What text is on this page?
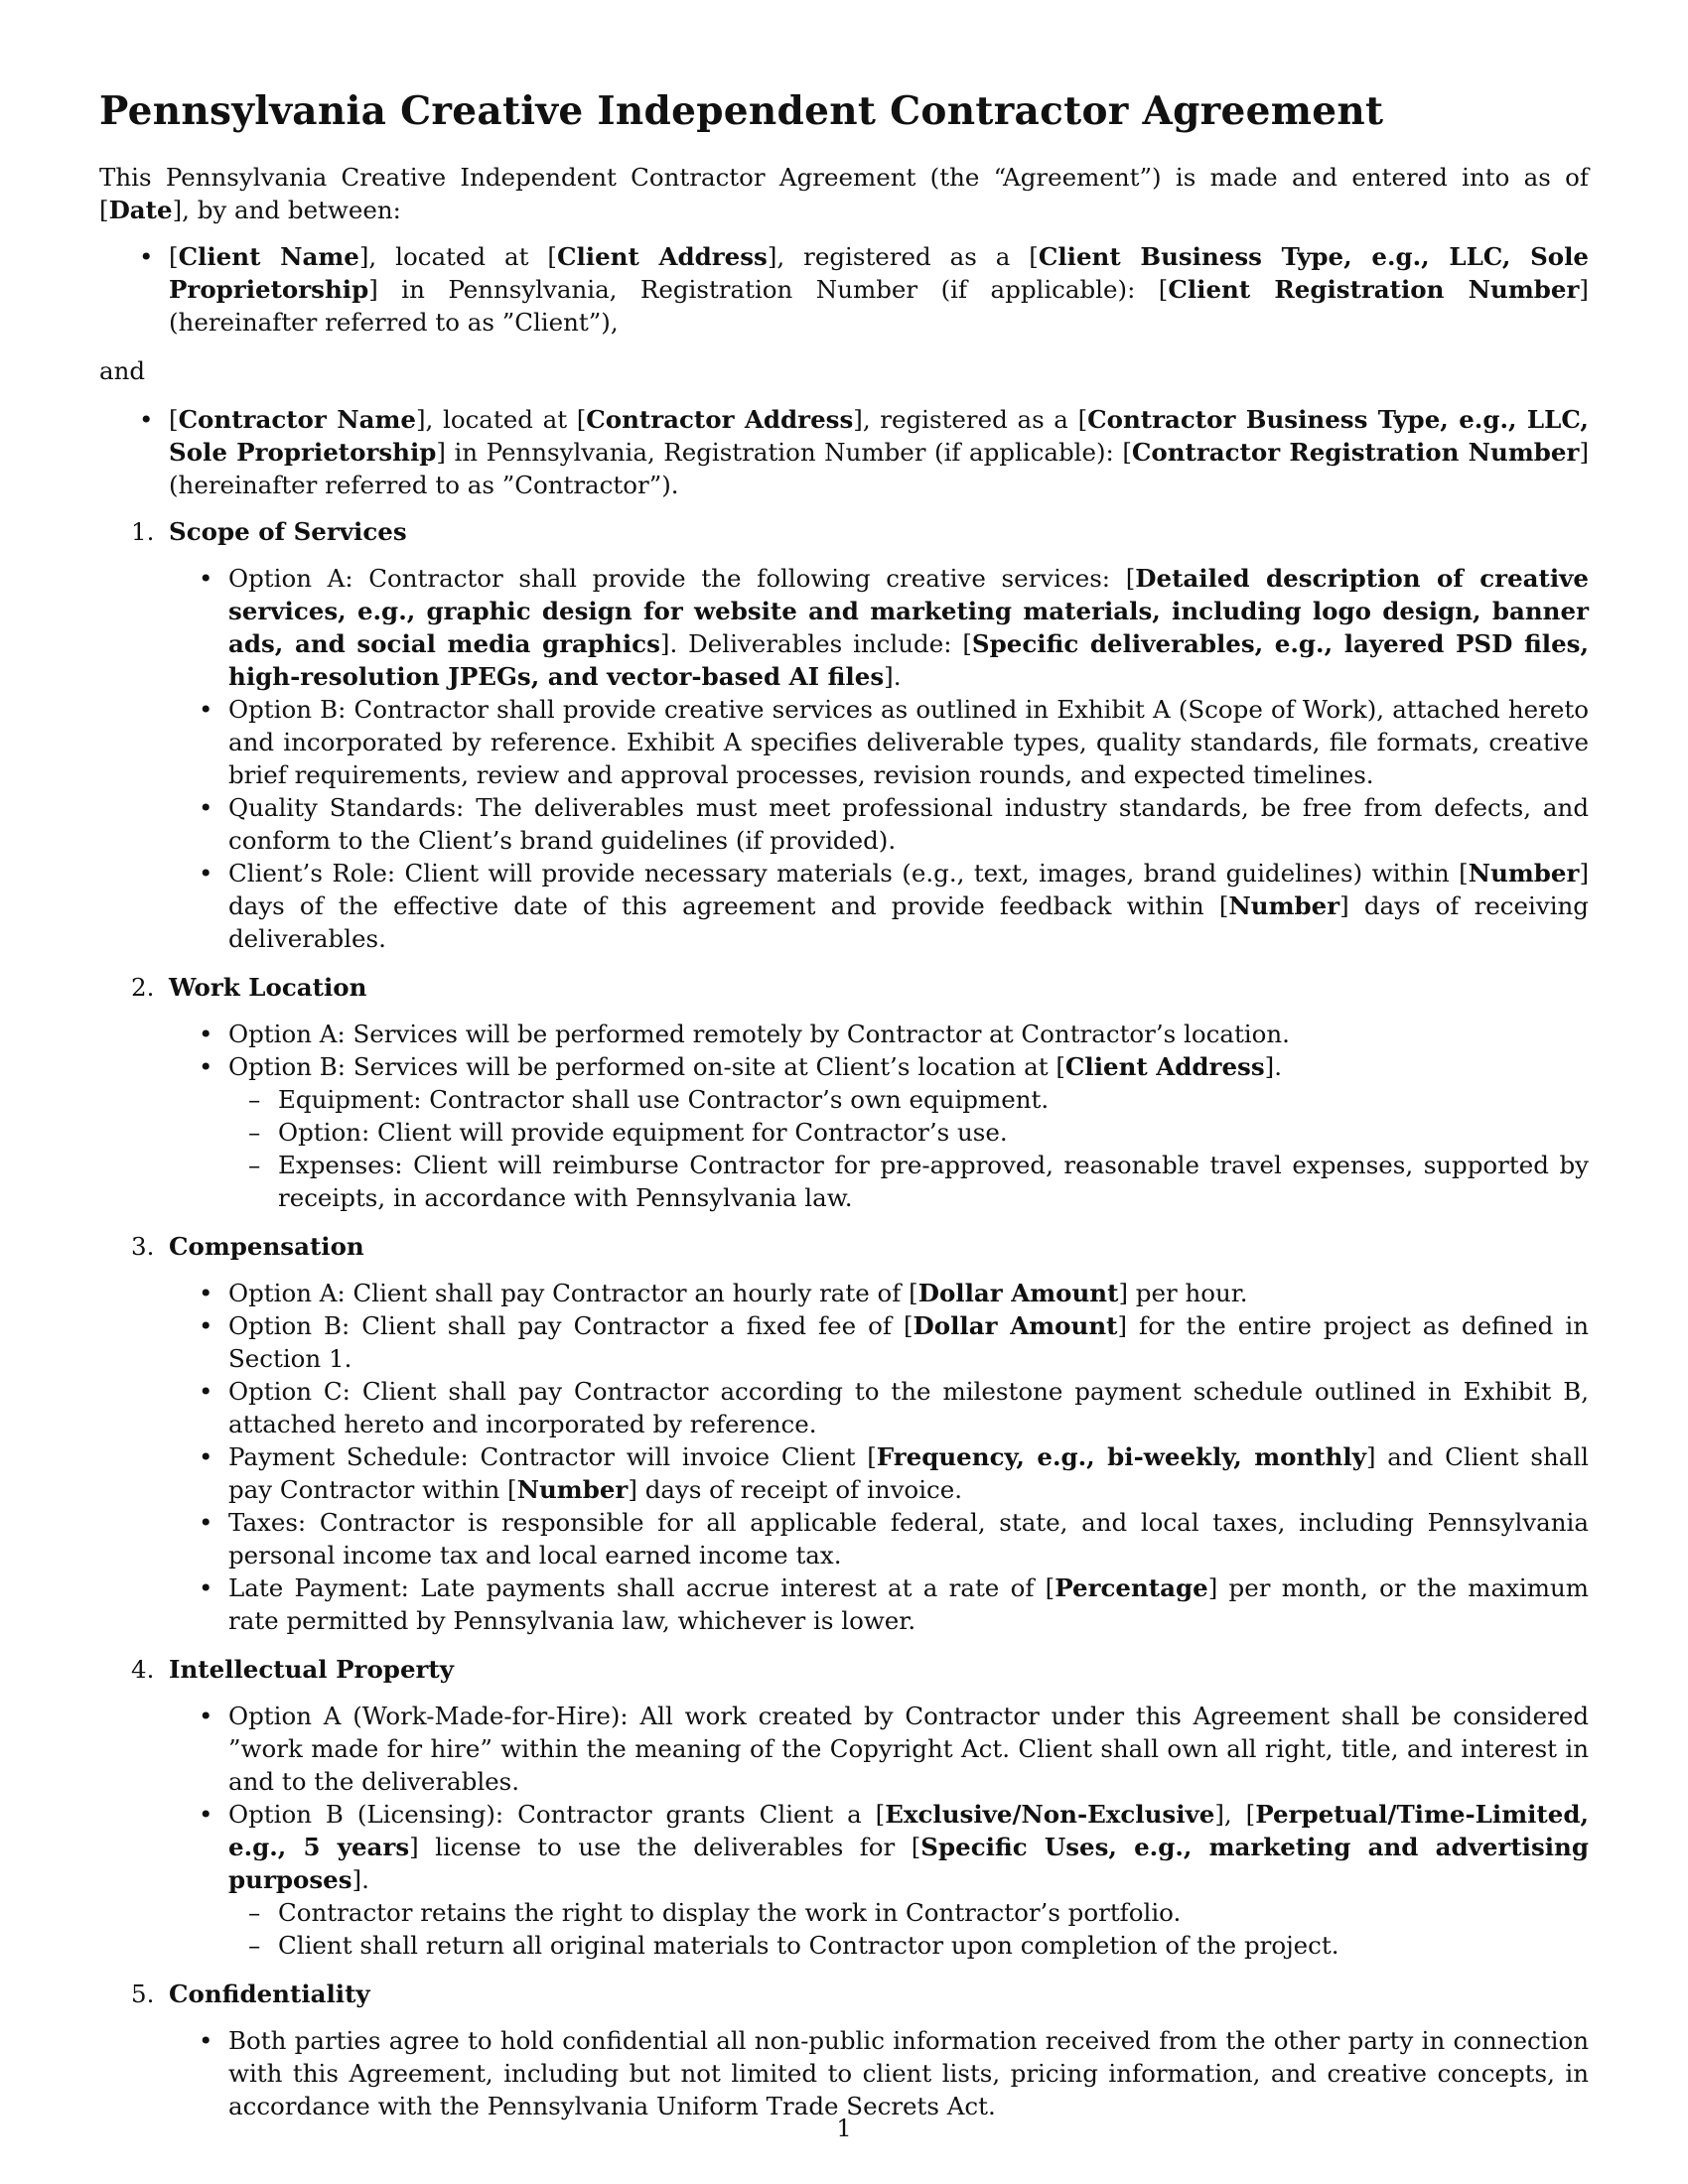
Pennsylvania Creative Independent Contractor Agreement

This Pennsylvania Creative Independent Contractor Agreement (the “Agreement”) is made and entered into as of [Date], by and between:

• [Client Name], located at [Client Address], registered as a [Client Business Type, e.g., LLC, Sole Proprietorship] in Pennsylvania, Registration Number (if applicable): [Client Registration Number] (hereinafter referred to as ”Client”),

and

• [Contractor Name], located at [Contractor Address], registered as a [Contractor Business Type, e.g., LLC, Sole Proprietorship] in Pennsylvania, Registration Number (if applicable): [Contractor Registration Number] (hereinafter referred to as ”Contractor”).
1. Scope of Services
• Option A: Contractor shall provide the following creative services: [Detailed description of creative services, e.g., graphic design for website and marketing materials, including logo design, banner ads, and social media graphics]. Deliverables include: [Specific deliverables, e.g., layered PSD files, high-resolution JPEGs, and vector-based AI files].
• Option B: Contractor shall provide creative services as outlined in Exhibit A (Scope of Work), attached hereto and incorporated by reference. Exhibit A specifies deliverable types, quality standards, file formats, creative brief requirements, review and approval processes, revision rounds, and expected timelines.
• Quality Standards: The deliverables must meet professional industry standards, be free from defects, and conform to the Client’s brand guidelines (if provided).
• Client’s Role: Client will provide necessary materials (e.g., text, images, brand guidelines) within [Number] days of the effective date of this agreement and provide feedback within [Number] days of receiving deliverables.
2. Work Location
• Option A: Services will be performed remotely by Contractor at Contractor’s location.
• Option B: Services will be performed on-site at Client’s location at [Client Address].
– Equipment: Contractor shall use Contractor’s own equipment.
– Option: Client will provide equipment for Contractor’s use.
– Expenses: Client will reimburse Contractor for pre-approved, reasonable travel expenses, supported by receipts, in accordance with Pennsylvania law.
3. Compensation
• Option A: Client shall pay Contractor an hourly rate of [Dollar Amount] per hour.
• Option B: Client shall pay Contractor a fixed fee of [Dollar Amount] for the entire project as defined in Section 1.
• Option C: Client shall pay Contractor according to the milestone payment schedule outlined in Exhibit B, attached hereto and incorporated by reference.
• Payment Schedule: Contractor will invoice Client [Frequency, e.g., bi-weekly, monthly] and Client shall pay Contractor within [Number] days of receipt of invoice.
• Taxes: Contractor is responsible for all applicable federal, state, and local taxes, including Pennsylvania personal income tax and local earned income tax.
• Late Payment: Late payments shall accrue interest at a rate of [Percentage] per month, or the maximum rate permitted by Pennsylvania law, whichever is lower.
4. Intellectual Property
• Option A (Work-Made-for-Hire): All work created by Contractor under this Agreement shall be considered ”work made for hire” within the meaning of the Copyright Act. Client shall own all right, title, and interest in and to the deliverables.
• Option B (Licensing): Contractor grants Client a [Exclusive/Non-Exclusive], [Perpetual/Time-Limited, e.g., 5 years] license to use the deliverables for [Specific Uses, e.g., marketing and advertising purposes].
– Contractor retains the right to display the work in Contractor’s portfolio.
– Client shall return all original materials to Contractor upon completion of the project.
5. Confidentiality
• Both parties agree to hold confidential all non-public information received from the other party in connection with this Agreement, including but not limited to client lists, pricing information, and creative concepts, in accordance with the Pennsylvania Uniform Trade Secrets Act.
1
